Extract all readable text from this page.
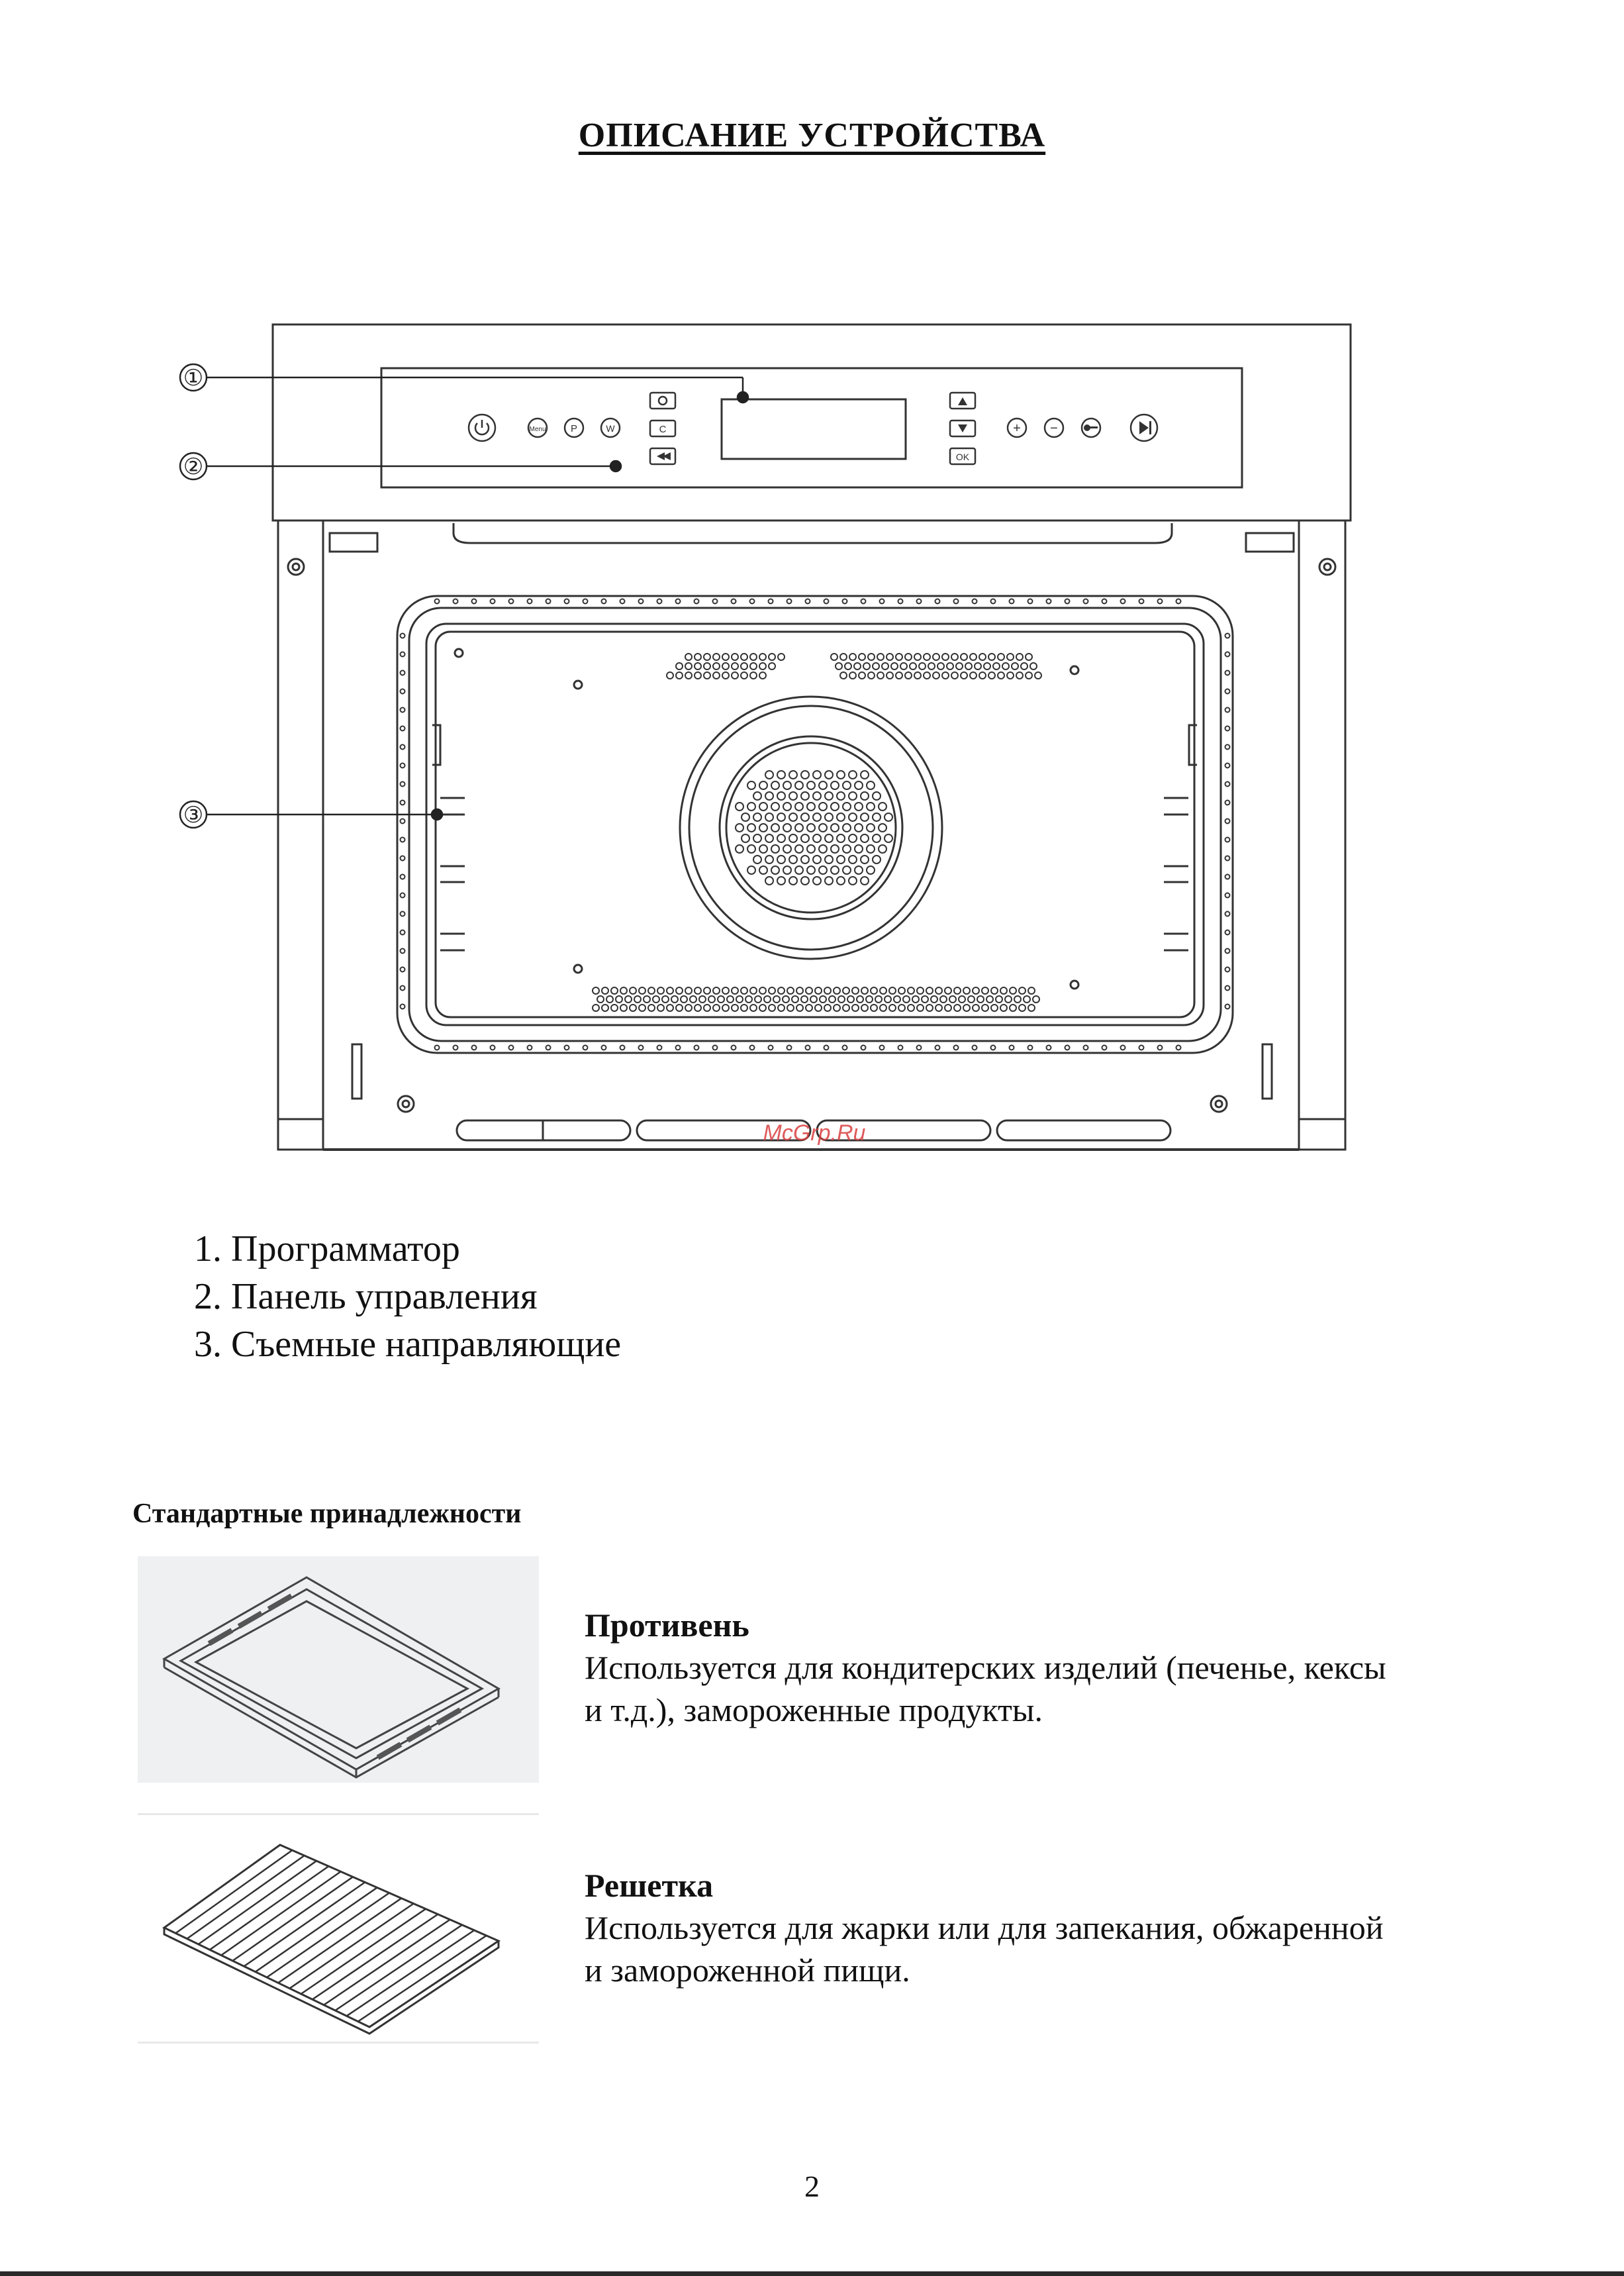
ОПИСАНИЕ УСТРОЙСТВА
Menu P	W	C
OK
+ −
①
②
③
McGrp.Ru
1. Программатор
2. Панель управления
3. Съемные направляющие
Стандартные принадлежности
Противень
Используется для кондитерских изделий (печенье, кексы
и т.д.), замороженные продукты.
Решетка
Используется для жарки или для запекания, обжаренной
и замороженной пищи.
2
